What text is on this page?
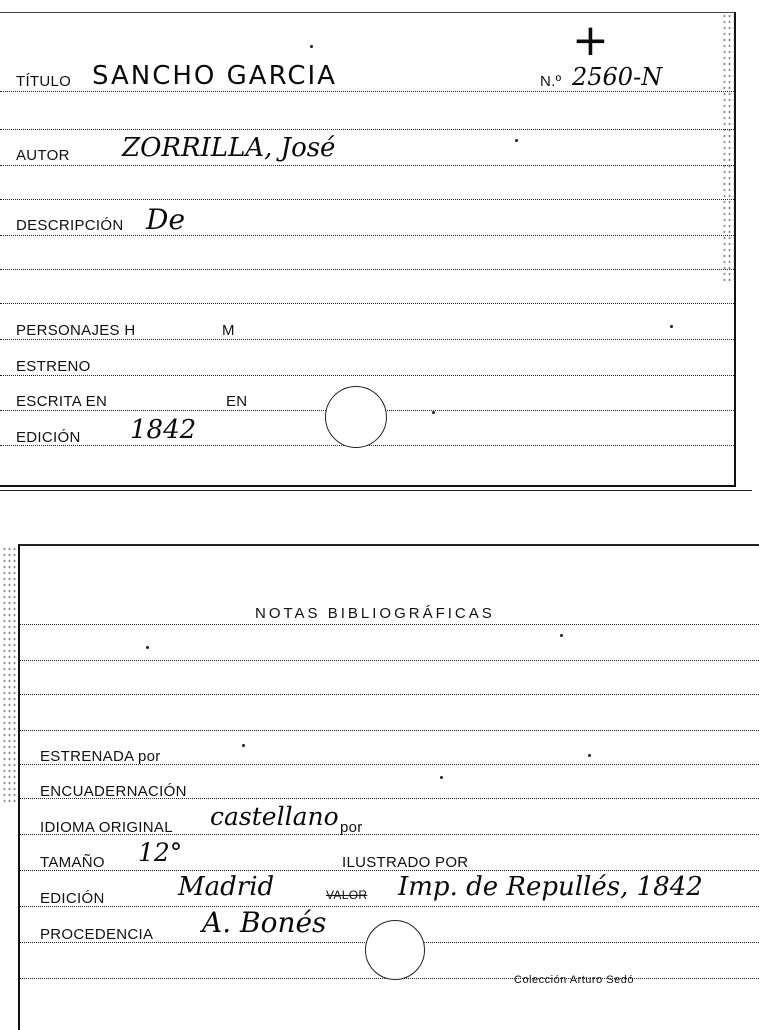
+
TÍTULO SANCHO GARCIA	N.º 2560-N
AUTOR ZORRILLA, José
DESCRIPCIÓN De
PERSONAJES H	M
ESTRENO
ESCRITA EN	EN
EDICIÓN 1842
NOTAS BIBLIOGRÁFICAS
ESTRENADA por
ENCUADERNACIÓN
IDIOMA ORIGINAL castellano por
TAMAÑO 12°	ILUSTRADO POR
EDICIÓN	Madrid	VALOR Imp. de Repullés, 1842
PROCEDENCIA A. Bonés
Colección Arturo Sedó
